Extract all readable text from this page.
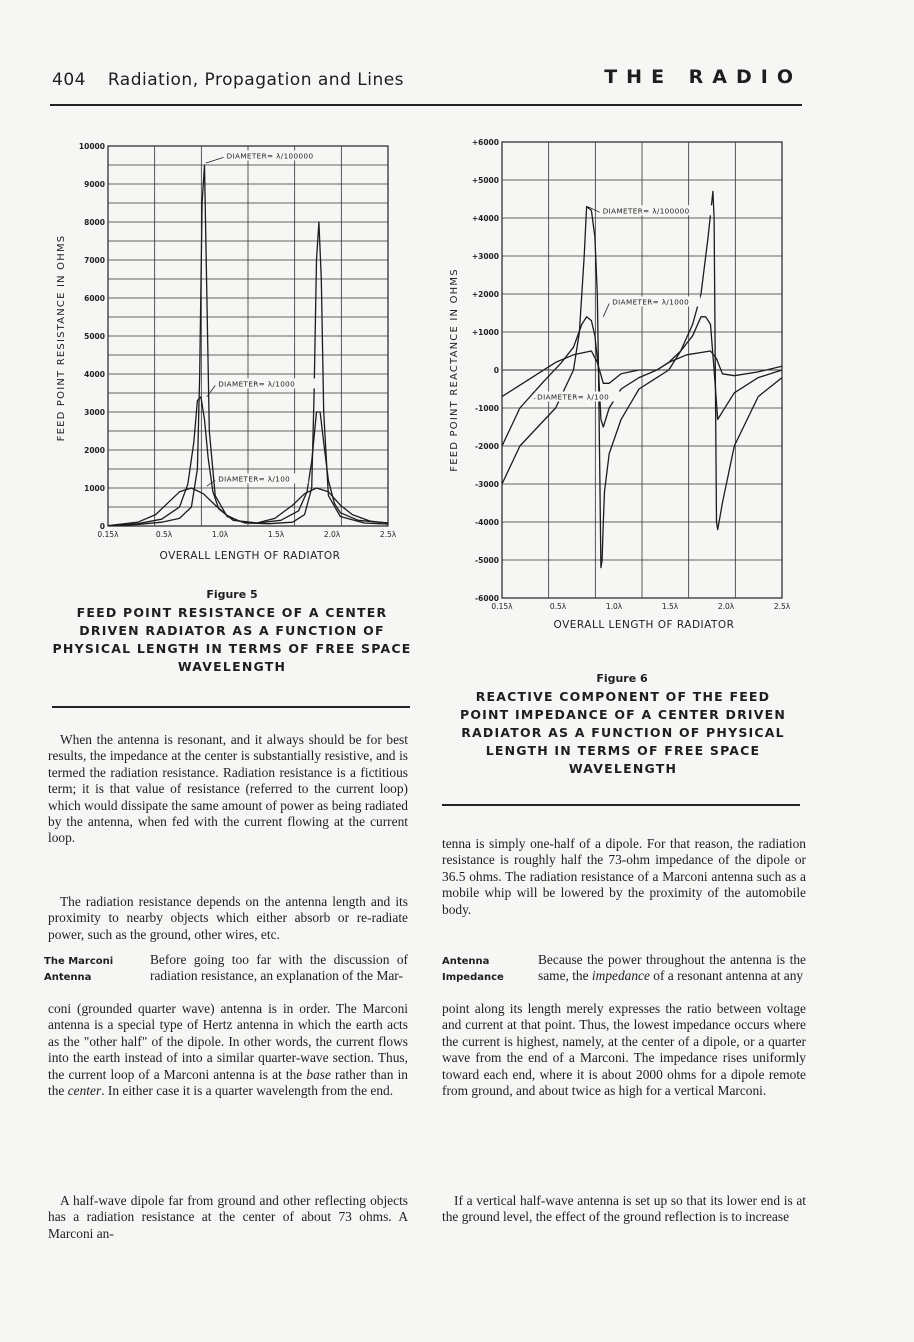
404 Radiation, Propagation and Lines	THE RADIO
10000
9000
8000
7000
6000
5000
4000
3000
2000
1000
0
0.15λ	0.5λ	1.0λ	1.5λ	2.0λ	2.5λ
DIAMETER= λ/100000
DIAMETER= λ/1000
DIAMETER= λ/100
FEED POINT RESISTANCE IN OHMS
OVERALL LENGTH OF RADIATOR
Figure 5
FEED POINT RESISTANCE OF A CENTER DRIVEN RADIATOR AS A FUNCTION OF PHYSICAL LENGTH IN TERMS OF FREE SPACE WAVELENGTH
+6000
+5000
+4000
+3000
+2000
+1000
0
-1000
-2000
-3000
-4000
-5000
-6000
0.15λ	0.5λ	1.0λ	1.5λ	2.0λ	2.5λ
DIAMETER= λ/100000
DIAMETER= λ/1000
DIAMETER= λ/100
FEED POINT REACTANCE IN OHMS
OVERALL LENGTH OF RADIATOR
Figure 6
REACTIVE COMPONENT OF THE FEED POINT IMPEDANCE OF A CENTER DRIVEN RADIATOR AS A FUNCTION OF PHYSICAL LENGTH IN TERMS OF FREE SPACE WAVELENGTH

When the antenna is resonant, and it always should be for best results, the impedance at the center is substantially resistive, and is termed the radiation resistance. Radiation resistance is a fictitious term; it is that value of resistance (referred to the current loop) which would dissipate the same amount of power as being radiated by the antenna, when fed with the current flowing at the current loop.

The radiation resistance depends on the antenna length and its proximity to nearby objects which either absorb or re-radiate power, such as the ground, other wires, etc.

The Marconi
Antenna

Before going too far with the discussion of radiation resistance, an explanation of the Mar-

coni (grounded quarter wave) antenna is in order. The Marconi antenna is a special type of Hertz antenna in which the earth acts as the "other half" of the dipole. In other words, the current flows into the earth instead of into a similar quarter-wave section. Thus, the current loop of a Marconi antenna is at the base rather than in the center. In either case it is a quarter wavelength from the end.

A half-wave dipole far from ground and other reflecting objects has a radiation resistance at the center of about 73 ohms. A Marconi an-

tenna is simply one-half of a dipole. For that reason, the radiation resistance is roughly half the 73-ohm impedance of the dipole or 36.5 ohms. The radiation resistance of a Marconi antenna such as a mobile whip will be lowered by the proximity of the automobile body.

Antenna
Impedance

Because the power throughout the antenna is the same, the impedance of a resonant antenna at any

point along its length merely expresses the ratio between voltage and current at that point. Thus, the lowest impedance occurs where the current is highest, namely, at the center of a dipole, or a quarter wave from the end of a Marconi. The impedance rises uniformly toward each end, where it is about 2000 ohms for a dipole remote from ground, and about twice as high for a vertical Marconi.

If a vertical half-wave antenna is set up so that its lower end is at the ground level, the effect of the ground reflection is to increase
